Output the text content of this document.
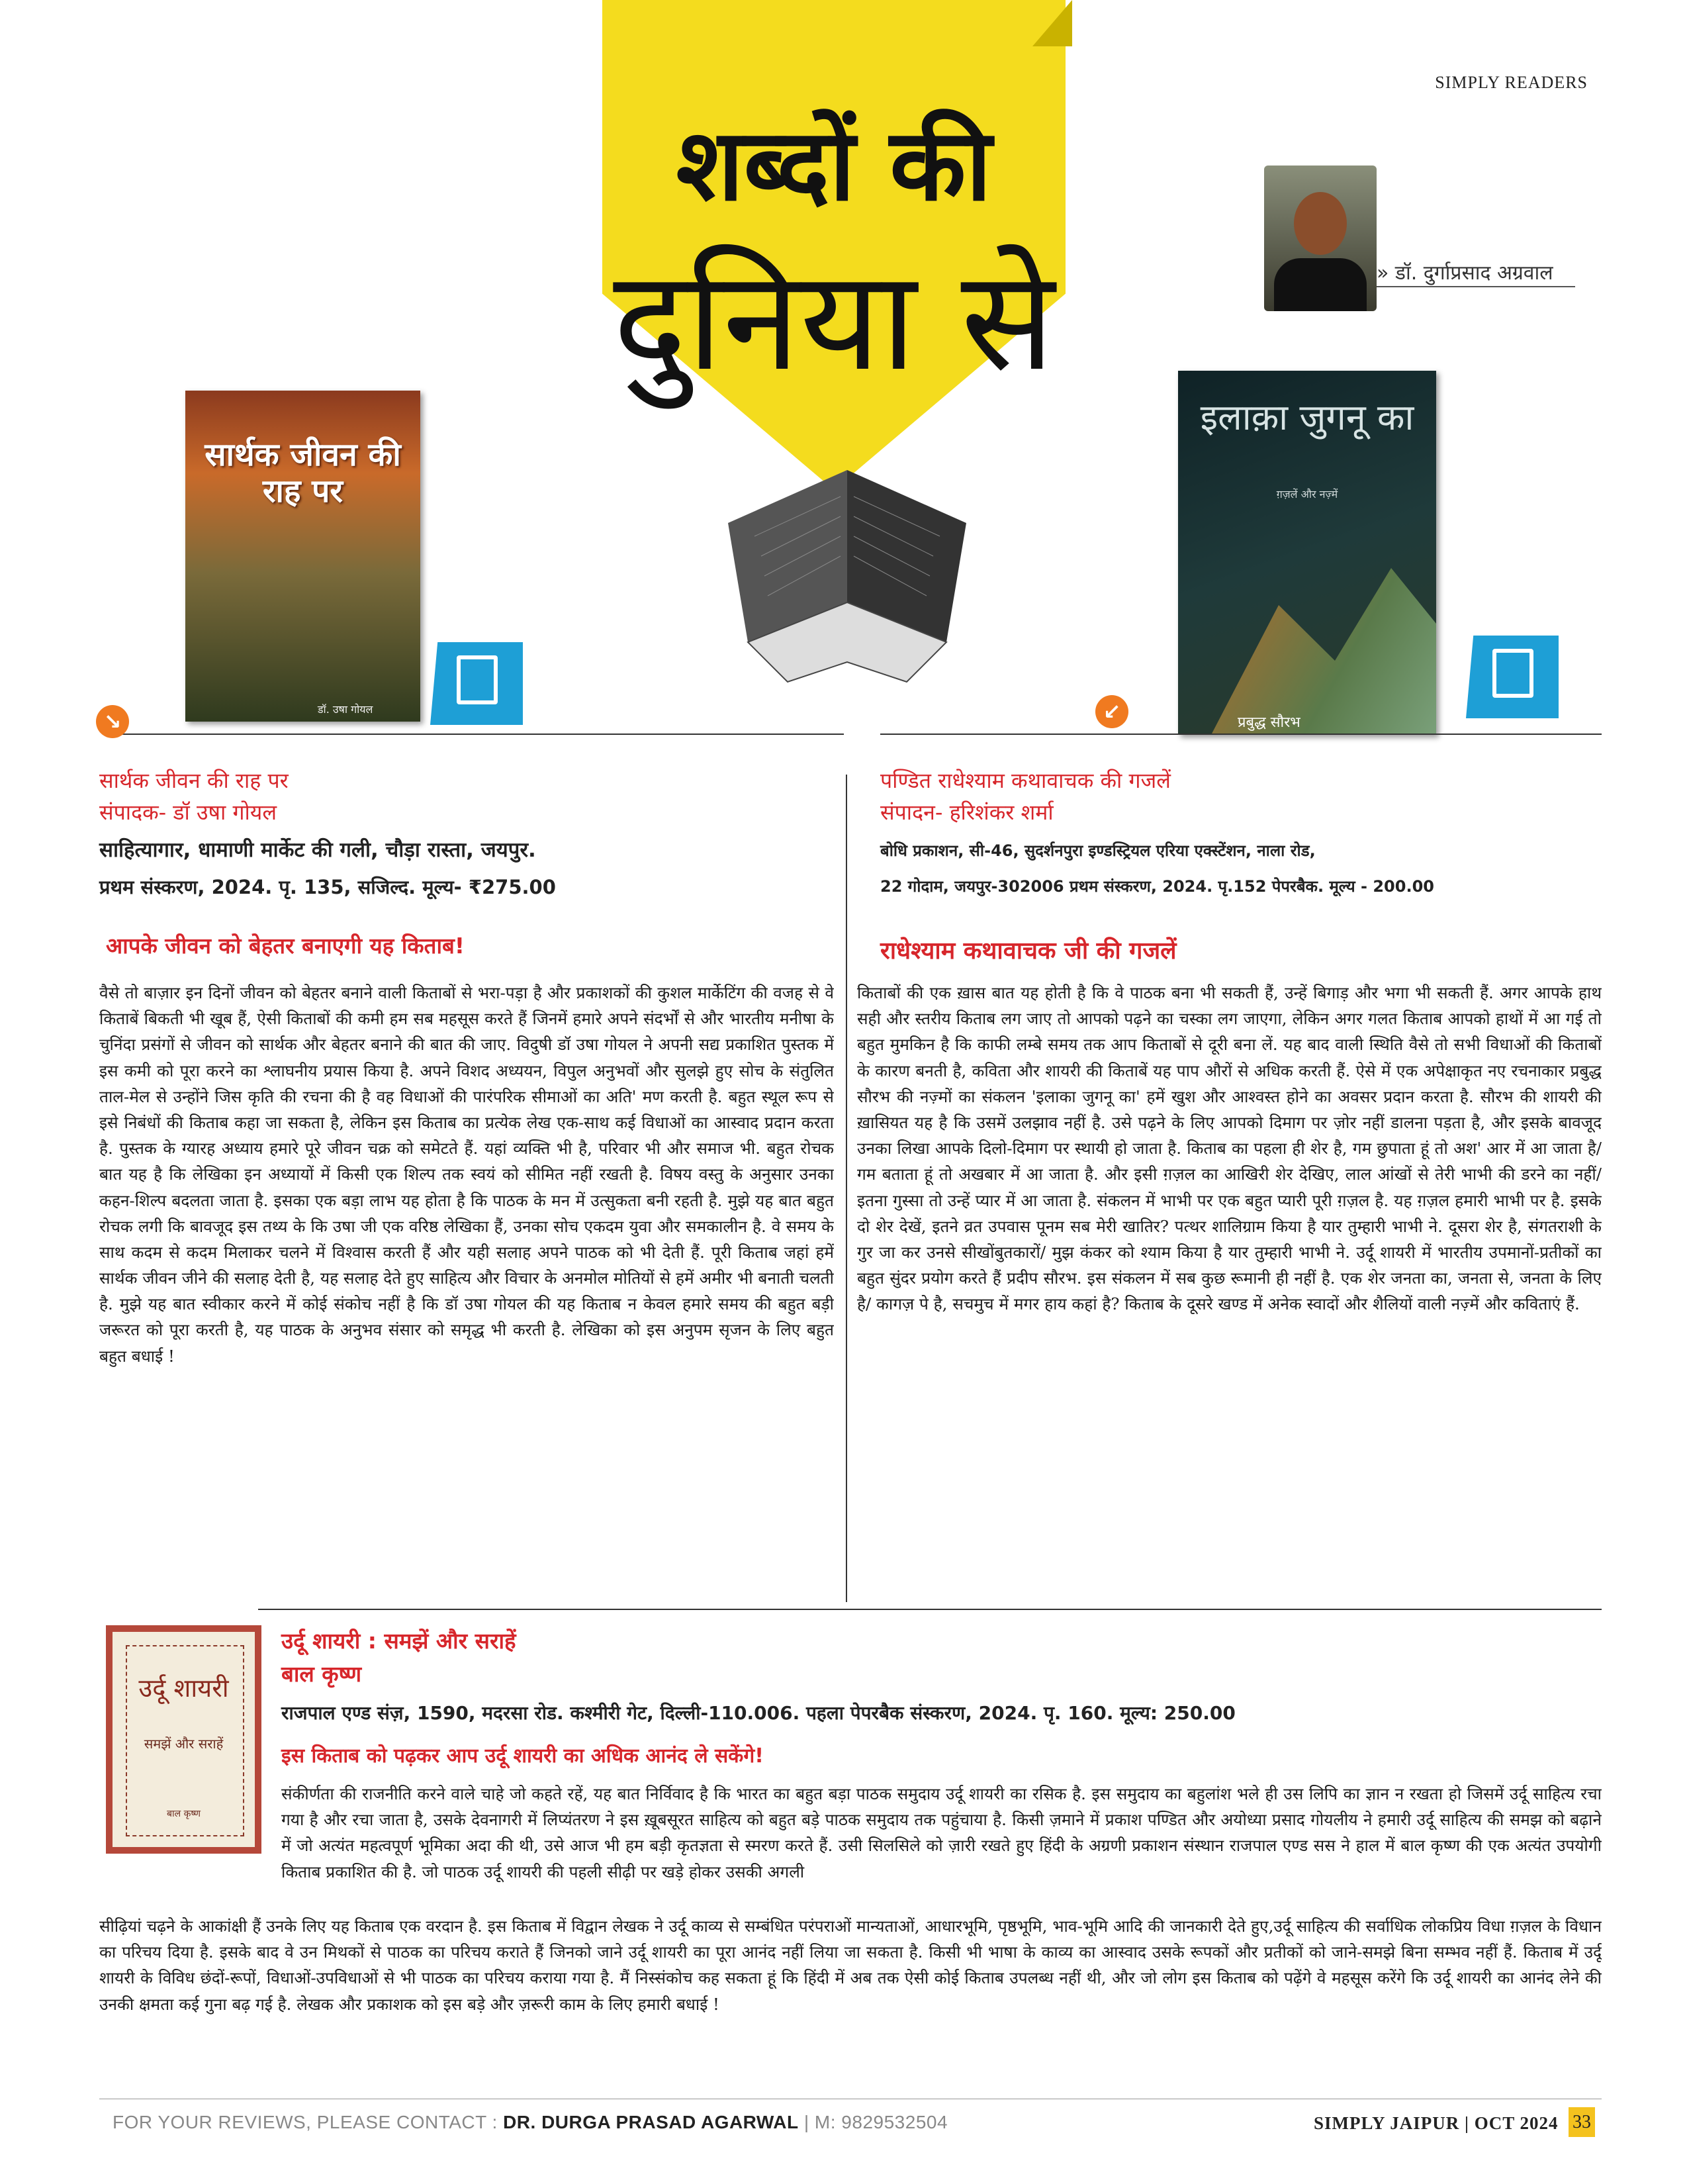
SIMPLY READERS
शब्दों की
दुनिया से	» डॉ. दुर्गाप्रसाद अग्रवाल
सार्थक जीवन की राह पर
डॉ. उषा गोयल
इलाक़ा जुगनू का
ग़ज़लें और नज़्में
प्रबुद्ध सौरभ
↘	↙
सार्थक जीवन की राह पर
संपादक- डॉ उषा गोयल
साहित्यागार, धामाणी मार्केट की गली, चौड़ा रास्ता, जयपुर.
प्रथम संस्करण, 2024. पृ. 135, सजिल्द. मूल्य- ₹275.00
आपके जीवन को बेहतर बनाएगी यह किताब!
वैसे तो बाज़ार इन दिनों जीवन को बेहतर बनाने वाली किताबों से भरा-पड़ा है और प्रकाशकों की कुशल मार्केटिंग की वजह से वे किताबें बिकती भी खूब हैं, ऐसी किताबों की कमी हम सब महसूस करते हैं जिनमें हमारे अपने संदर्भों से और भारतीय मनीषा के चुनिंदा प्रसंगों से जीवन को सार्थक और बेहतर बनाने की बात की जाए. विदुषी डॉ उषा गोयल ने अपनी सद्य प्रकाशित पुस्तक में इस कमी को पूरा करने का श्लाघनीय प्रयास किया है. अपने विशद अध्ययन, विपुल अनुभवों और सुलझे हुए सोच के संतुलित ताल-मेल से उन्होंने जिस कृति की रचना की है वह विधाओं की पारंपरिक सीमाओं का अति' मण करती है. बहुत स्थूल रूप से इसे निबंधों की किताब कहा जा सकता है, लेकिन इस किताब का प्रत्येक लेख एक-साथ कई विधाओं का आस्वाद प्रदान करता है. पुस्तक के ग्यारह अध्याय हमारे पूरे जीवन चक्र को समेटते हैं. यहां व्यक्ति भी है, परिवार भी और समाज भी. बहुत रोचक बात यह है कि लेखिका इन अध्यायों में किसी एक शिल्प तक स्वयं को सीमित नहीं रखती है. विषय वस्तु के अनुसार उनका कहन-शिल्प बदलता जाता है. इसका एक बड़ा लाभ यह होता है कि पाठक के मन में उत्सुकता बनी रहती है. मुझे यह बात बहुत रोचक लगी कि बावजूद इस तथ्य के कि उषा जी एक वरिष्ठ लेखिका हैं, उनका सोच एकदम युवा और समकालीन है. वे समय के साथ कदम से कदम मिलाकर चलने में विश्वास करती हैं और यही सलाह अपने पाठक को भी देती हैं. पूरी किताब जहां हमें सार्थक जीवन जीने की सलाह देती है, यह सलाह देते हुए साहित्य और विचार के अनमोल मोतियों से हमें अमीर भी बनाती चलती है. मुझे यह बात स्वीकार करने में कोई संकोच नहीं है कि डॉ उषा गोयल की यह किताब न केवल हमारे समय की बहुत बड़ी जरूरत को पूरा करती है, यह पाठक के अनुभव संसार को समृद्ध भी करती है. लेखिका को इस अनुपम सृजन के लिए बहुत बहुत बधाई !
पण्डित राधेश्याम कथावाचक की गजलें
संपादन- हरिशंकर शर्मा
बोधि प्रकाशन, सी-46, सुदर्शनपुरा इण्डस्ट्रियल एरिया एक्स्टेंशन, नाला रोड,
22 गोदाम, जयपुर-302006 प्रथम संस्करण, 2024. पृ.152 पेपरबैक. मूल्य - 200.00
राधेश्याम कथावाचक जी की गजलें
किताबों की एक ख़ास बात यह होती है कि वे पाठक बना भी सकती हैं, उन्हें बिगाड़ और भगा भी सकती हैं. अगर आपके हाथ सही और स्तरीय किताब लग जाए तो आपको पढ़ने का चस्का लग जाएगा, लेकिन अगर गलत किताब आपको हाथों में आ गई तो बहुत मुमकिन है कि काफी लम्बे समय तक आप किताबों से दूरी बना लें. यह बाद वाली स्थिति वैसे तो सभी विधाओं की किताबों के कारण बनती है, कविता और शायरी की किताबें यह पाप औरों से अधिक करती हैं. ऐसे में एक अपेक्षाकृत नए रचनाकार प्रबुद्ध सौरभ की नज़्मों का संकलन 'इलाका जुगनू का' हमें खुश और आश्वस्त होने का अवसर प्रदान करता है. सौरभ की शायरी की ख़ासियत यह है कि उसमें उलझाव नहीं है. उसे पढ़ने के लिए आपको दिमाग पर ज़ोर नहीं डालना पड़ता है, और इसके बावजूद उनका लिखा आपके दिलो-दिमाग पर स्थायी हो जाता है. किताब का पहला ही शेर है, गम छुपाता हूं तो अश' आर में आ जाता है/ गम बताता हूं तो अखबार में आ जाता है. और इसी ग़ज़ल का आखिरी शेर देखिए, लाल आंखों से तेरी भाभी की डरने का नहीं/ इतना गुस्सा तो उन्हें प्यार में आ जाता है. संकलन में भाभी पर एक बहुत प्यारी पूरी ग़ज़ल है. यह ग़ज़ल हमारी भाभी पर है. इसके दो शेर देखें, इतने व्रत उपवास पूनम सब मेरी खातिर? पत्थर शालिग्राम किया है यार तुम्हारी भाभी ने. दूसरा शेर है, संगतराशी के गुर जा कर उनसे सीखोंबुतकारों/ मुझ कंकर को श्याम किया है यार तुम्हारी भाभी ने. उर्दू शायरी में भारतीय उपमानों-प्रतीकों का बहुत सुंदर प्रयोग करते हैं प्रदीप सौरभ. इस संकलन में सब कुछ रूमानी ही नहीं है. एक शेर जनता का, जनता से, जनता के लिए है/ कागज़ पे है, सचमुच में मगर हाय कहां है? किताब के दूसरे खण्ड में अनेक स्वादों और शैलियों वाली नज़्में और कविताएं हैं.
उर्दू शायरी
समझें और सराहें
बाल कृष्ण
उर्दू शायरी : समझें और सराहें
बाल कृष्ण
राजपाल एण्ड संज़, 1590, मदरसा रोड. कश्मीरी गेट, दिल्ली-110.006. पहला पेपरबैक संस्करण, 2024. पृ. 160. मूल्य: 250.00
इस किताब को पढ़कर आप उर्दू शायरी का अधिक आनंद ले सकेंगे!
संकीर्णता की राजनीति करने वाले चाहे जो कहते रहें, यह बात निर्विवाद है कि भारत का बहुत बड़ा पाठक समुदाय उर्दू शायरी का रसिक है. इस समुदाय का बहुलांश भले ही उस लिपि का ज्ञान न रखता हो जिसमें उर्दू साहित्य रचा गया है और रचा जाता है, उसके देवनागरी में लिप्यंतरण ने इस ख़ूबसूरत साहित्य को बहुत बड़े पाठक समुदाय तक पहुंचाया है. किसी ज़माने में प्रकाश पण्डित और अयोध्या प्रसाद गोयलीय ने हमारी उर्दू साहित्य की समझ को बढ़ाने में जो अत्यंत महत्वपूर्ण भूमिका अदा की थी, उसे आज भी हम बड़ी कृतज्ञता से स्मरण करते हैं. उसी सिलसिले को ज़ारी रखते हुए हिंदी के अग्रणी प्रकाशन संस्थान राजपाल एण्ड सस ने हाल में बाल कृष्ण की एक अत्यंत उपयोगी किताब प्रकाशित की है. जो पाठक उर्दू शायरी की पहली सीढ़ी पर खड़े होकर उसकी अगली
सीढ़ियां चढ़ने के आकांक्षी हैं उनके लिए यह किताब एक वरदान है. इस किताब में विद्वान लेखक ने उर्दू काव्य से सम्बंधित परंपराओं मान्यताओं, आधारभूमि, पृष्ठभूमि, भाव-भूमि आदि की जानकारी देते हुए,उर्दू साहित्य की सर्वाधिक लोकप्रिय विधा ग़ज़ल के विधान का परिचय दिया है. इसके बाद वे उन मिथकों से पाठक का परिचय कराते हैं जिनको जाने उर्दू शायरी का पूरा आनंद नहीं लिया जा सकता है. किसी भी भाषा के काव्य का आस्वाद उसके रूपकों और प्रतीकों को जाने-समझे बिना सम्भव नहीं हैं. किताब में उर्दू शायरी के विविध छंदों-रूपों, विधाओं-उपविधाओं से भी पाठक का परिचय कराया गया है. मैं निस्संकोच कह सकता हूं कि हिंदी में अब तक ऐसी कोई किताब उपलब्ध नहीं थी, और जो लोग इस किताब को पढ़ेंगे वे महसूस करेंगे कि उर्दू शायरी का आनंद लेने की उनकी क्षमता कई गुना बढ़ गई है. लेखक और प्रकाशक को इस बड़े और ज़रूरी काम के लिए हमारी बधाई !
FOR YOUR REVIEWS, PLEASE CONTACT : DR. DURGA PRASAD AGARWAL | M: 9829532504	SIMPLY JAIPUR | OCT 2024 33
